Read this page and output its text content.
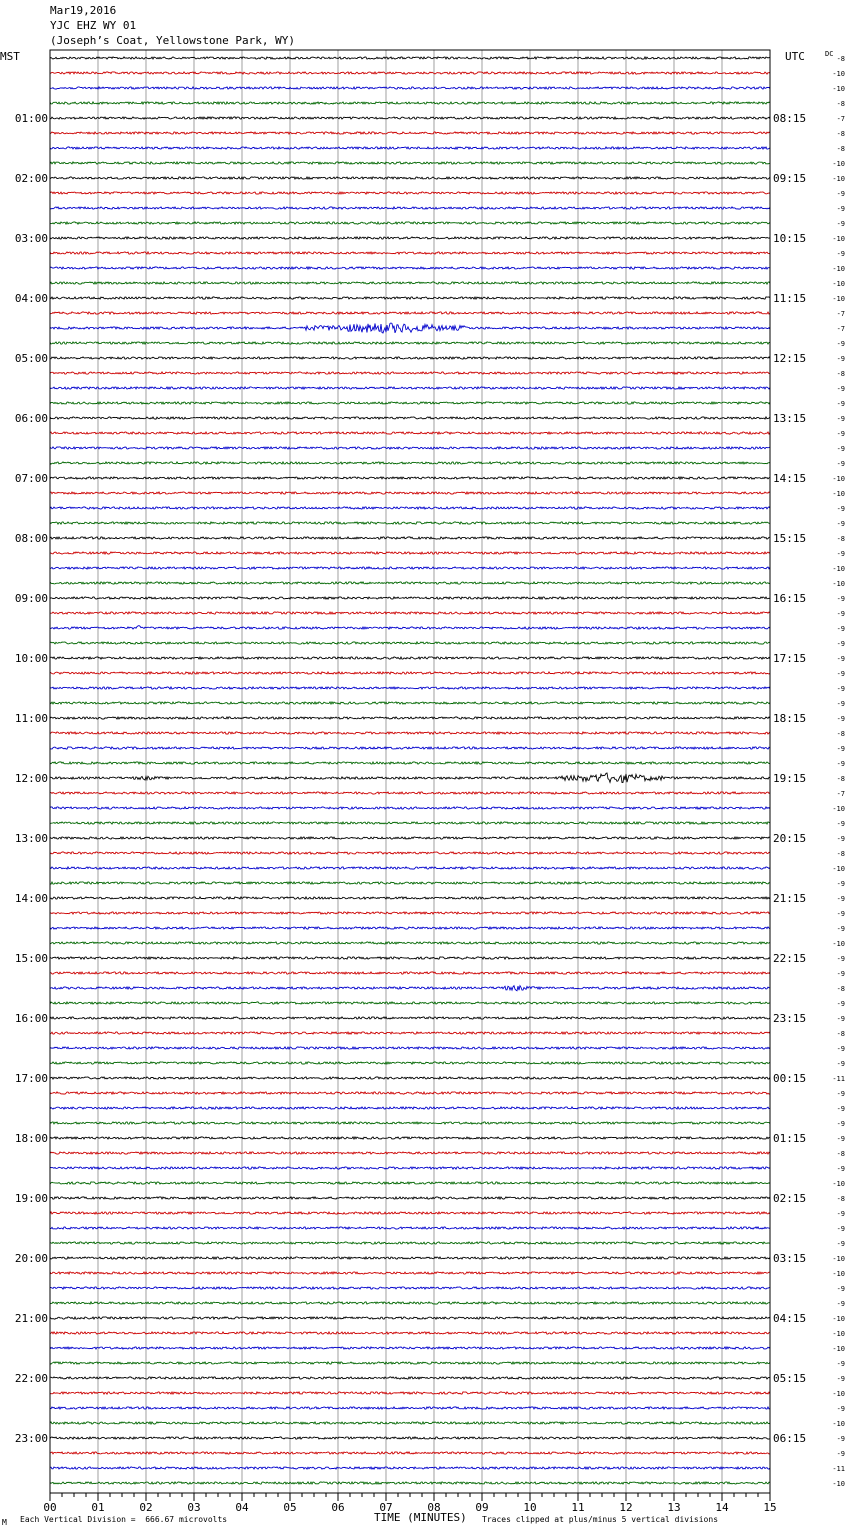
Mar19,2016
YJC EHZ WY 01
(Joseph’s Coat, Yellowstone Park, WY)
MST	UTC
00	01	02	03	04	05	06	07	08	09	10	11	12	13	14	15
01:00	08:15
02:00	09:15
03:00	10:15
04:00	11:15
05:00	12:15
06:00	13:15
07:00	14:15
08:00	15:15
09:00	16:15
10:00	17:15
11:00	18:15
12:00	19:15
13:00	20:15
14:00	21:15
15:00	22:15
16:00	23:15
17:00	00:15
18:00	01:15
19:00	02:15
20:00	03:15
21:00	04:15
22:00	05:15
23:00	06:15
DC
-8
-10
-10
-8
-7
-8
-8
-10
-10
-9
-9
-9
-10
-9
-10
-10
-10
-7
-7
-9
-9
-8
-9
-9
-9
-9
-9
-9
-10
-10
-9
-9
-8
-9
-10
-10
-9
-9
-9
-9
-9
-9
-9
-9
-9
-8
-9
-9
-8
-7
-10
-9
-9
-8
-10
-9
-9
-9
-9
-10
-9
-9
-8
-9
-9
-8
-9
-9
-11
-9
-9
-9
-9
-8
-9
-10
-8
-9
-9
-9
-10
-10
-9
-9
-10
-10
-10
-9
-9
-10
-9
-10
-9
-9
-11
-10
M Each Vertical Division =  666.67 microvolts	TIME (MINUTES) Traces clipped at plus/minus 5 vertical divisions
